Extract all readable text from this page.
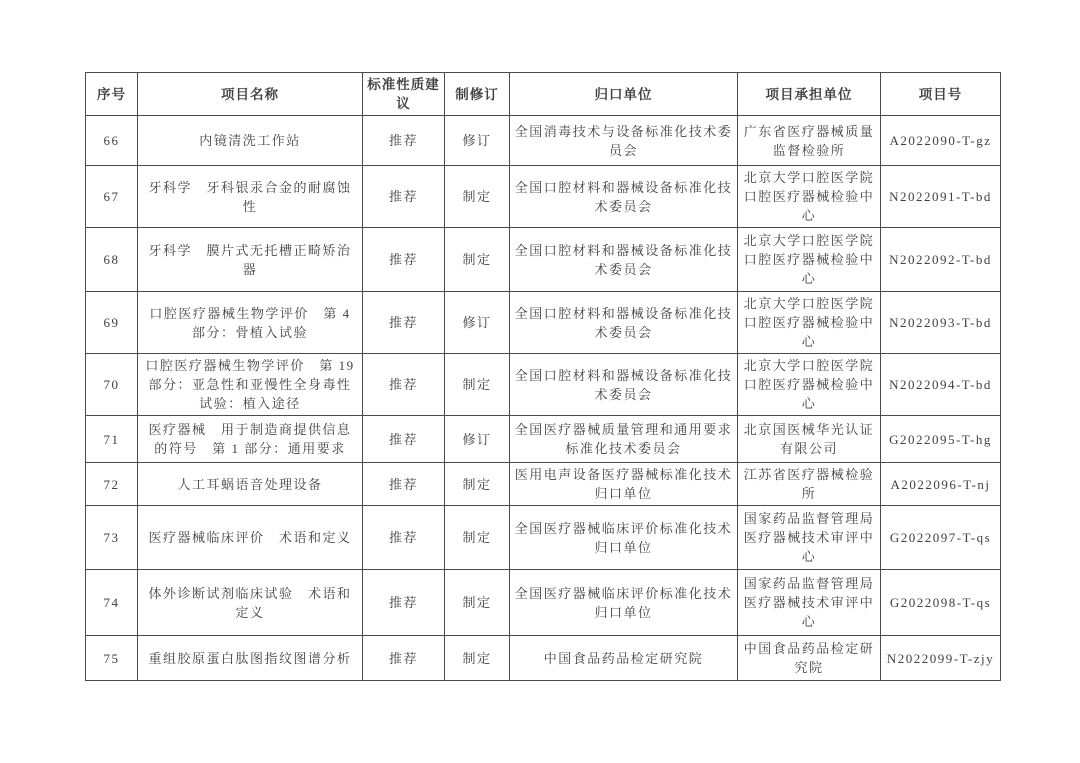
序号	项目名称	标准性质建议	制修订	归口单位	项目承担单位	项目号
66	内镜清洗工作站	推荐	修订	全国消毒技术与设备标准化技术委员会	广东省医疗器械质量监督检验所	A2022090-T-gz
67	牙科学　牙科银汞合金的耐腐蚀性	推荐	制定	全国口腔材料和器械设备标准化技术委员会	北京大学口腔医学院口腔医疗器械检验中心	N2022091-T-bd
68	牙科学　膜片式无托槽正畸矫治器	推荐	制定	全国口腔材料和器械设备标准化技术委员会	北京大学口腔医学院口腔医疗器械检验中心	N2022092-T-bd
69	口腔医疗器械生物学评价　第 4 部分：骨植入试验	推荐	修订	全国口腔材料和器械设备标准化技术委员会	北京大学口腔医学院口腔医疗器械检验中心	N2022093-T-bd
70	口腔医疗器械生物学评价　第 19 部分：亚急性和亚慢性全身毒性试验：植入途径	推荐	制定	全国口腔材料和器械设备标准化技术委员会	北京大学口腔医学院口腔医疗器械检验中心	N2022094-T-bd
71	医疗器械　用于制造商提供信息的符号　第 1 部分：通用要求	推荐	修订	全国医疗器械质量管理和通用要求标准化技术委员会	北京国医械华光认证有限公司	G2022095-T-hg
72	人工耳蜗语音处理设备	推荐	制定	医用电声设备医疗器械标准化技术归口单位	江苏省医疗器械检验所	A2022096-T-nj
73	医疗器械临床评价　术语和定义	推荐	制定	全国医疗器械临床评价标准化技术归口单位	国家药品监督管理局医疗器械技术审评中心	G2022097-T-qs
74	体外诊断试剂临床试验　术语和定义	推荐	制定	全国医疗器械临床评价标准化技术归口单位	国家药品监督管理局医疗器械技术审评中心	G2022098-T-qs
75	重组胶原蛋白肽图指纹图谱分析	推荐	制定	中国食品药品检定研究院	中国食品药品检定研究院	N2022099-T-zjy
